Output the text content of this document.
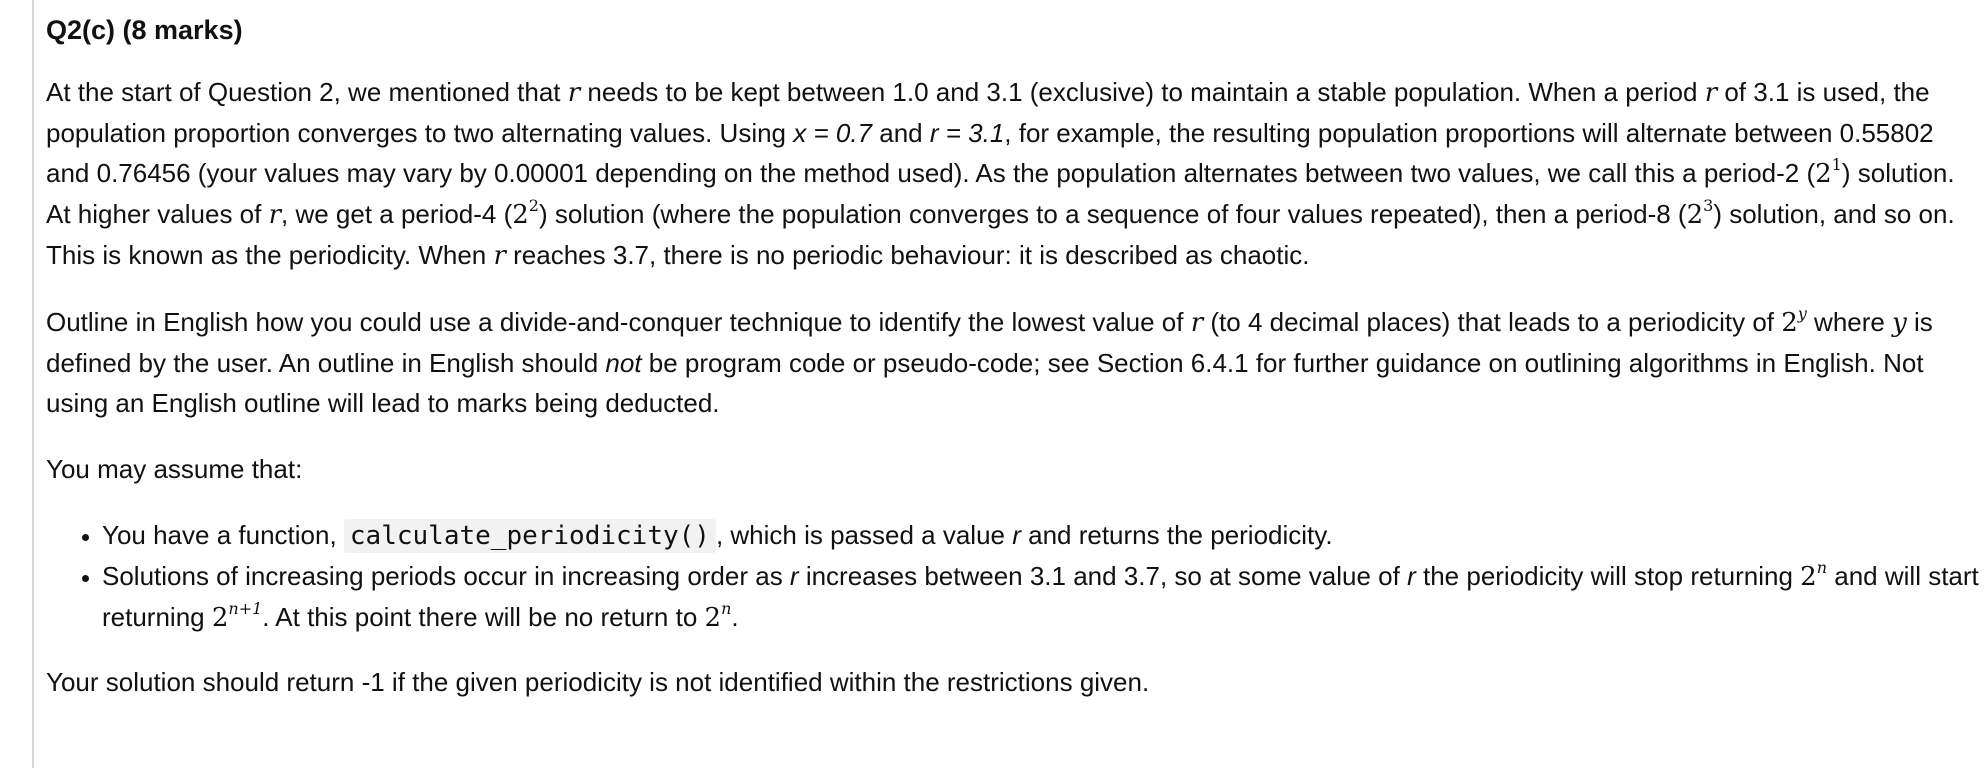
Q2(c) (8 marks)

At the start of Question 2, we mentioned that r needs to be kept between 1.0 and 3.1 (exclusive) to maintain a stable population. When a period r of 3.1 is used, the population proportion converges to two alternating values. Using x = 0.7 and r = 3.1, for example, the resulting population proportions will alternate between 0.55802 and 0.76456 (your values may vary by 0.00001 depending on the method used). As the population alternates between two values, we call this a period-2 $(2^1)$ solution. At higher values of r, we get a period-4 $(2^2)$ solution (where the population converges to a sequence of four values repeated), then a period-8 $(2^3)$ solution, and so on. This is known as the periodicity. When r reaches 3.7, there is no periodic behaviour: it is described as chaotic.

Outline in English how you could use a divide-and-conquer technique to identify the lowest value of r (to 4 decimal places) that leads to a periodicity of 2$^y$ where y is defined by the user. An outline in English should not be program code or pseudo-code; see Section 6.4.1 for further guidance on outlining algorithms in English. Not using an English outline will lead to marks being deducted.

You may assume that:

• You have a function, calculate_periodicity() , which is passed a value r and returns the periodicity.
• Solutions of increasing periods occur in increasing order as r increases between 3.1 and 3.7, so at some value of r the periodicity will stop returning 2$^n$ and will start returning $2^{n+1}$. At this point there will be no return to 2$^n$.

Your solution should return -1 if the given periodicity is not identified within the restrictions given.
